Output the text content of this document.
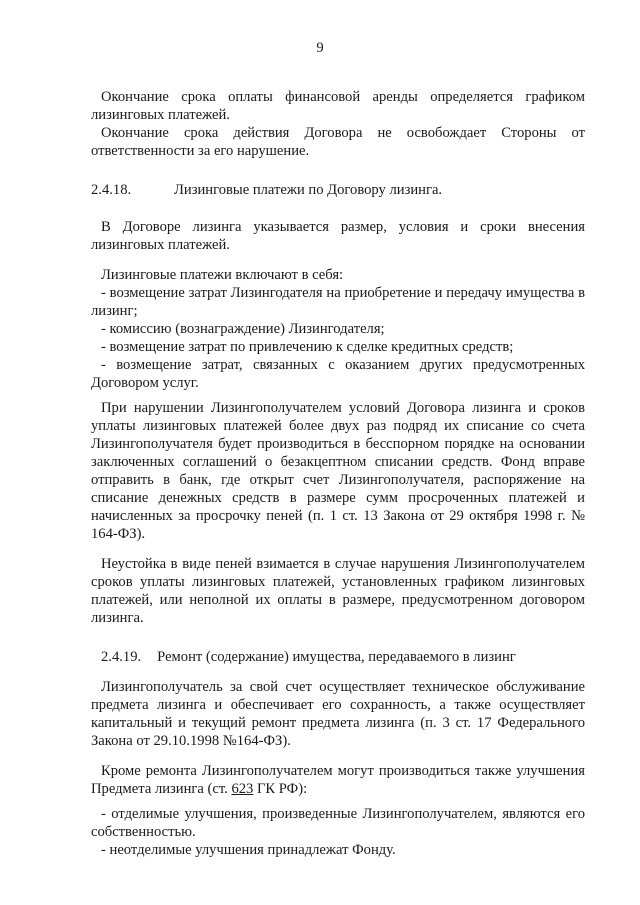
9

Окончание срока оплаты финансовой аренды определяется графиком лизинговых платежей.

Окончание срока действия Договора не освобождает Стороны от ответственности за его нарушение.

2.4.18.	Лизинговые платежи по Договору лизинга.

В Договоре лизинга указывается размер, условия и сроки внесения лизинговых платежей.

Лизинговые платежи включают в себя:

- возмещение затрат Лизингодателя на приобретение и передачу имущества в лизинг;

- комиссию (вознаграждение) Лизингодателя;

- возмещение затрат по привлечению к сделке кредитных средств;

- возмещение затрат, связанных с оказанием других предусмотренных Договором услуг.

При нарушении Лизингополучателем условий Договора лизинга и сроков уплаты лизинговых платежей более двух раз подряд их списание со счета Лизингополучателя будет производиться в бесспорном порядке на основании заключенных соглашений о безакцептном списании средств. Фонд вправе отправить в банк, где открыт счет Лизингополучателя, распоряжение на списание денежных средств в размере сумм просроченных платежей и начисленных за просрочку пеней (п. 1 ст. 13 Закона от 29 октября 1998 г. № 164-ФЗ).

Неустойка в виде пеней взимается в случае нарушения Лизингополучателем сроков уплаты лизинговых платежей, установленных графиком лизинговых платежей, или неполной их оплаты в размере, предусмотренном договором лизинга.

2.4.19.	Ремонт (содержание) имущества, передаваемого в лизинг

Лизингополучатель за свой счет осуществляет техническое обслуживание предмета лизинга и обеспечивает его сохранность, а также осуществляет капитальный и текущий ремонт предмета лизинга (п. 3 ст. 17 Федерального Закона от 29.10.1998 №164-ФЗ).

Кроме ремонта Лизингополучателем могут производиться также улучшения Предмета лизинга (ст. 623 ГК РФ):

- отделимые улучшения, произведенные Лизингополучателем, являются его собственностью.

- неотделимые улучшения принадлежат Фонду.
